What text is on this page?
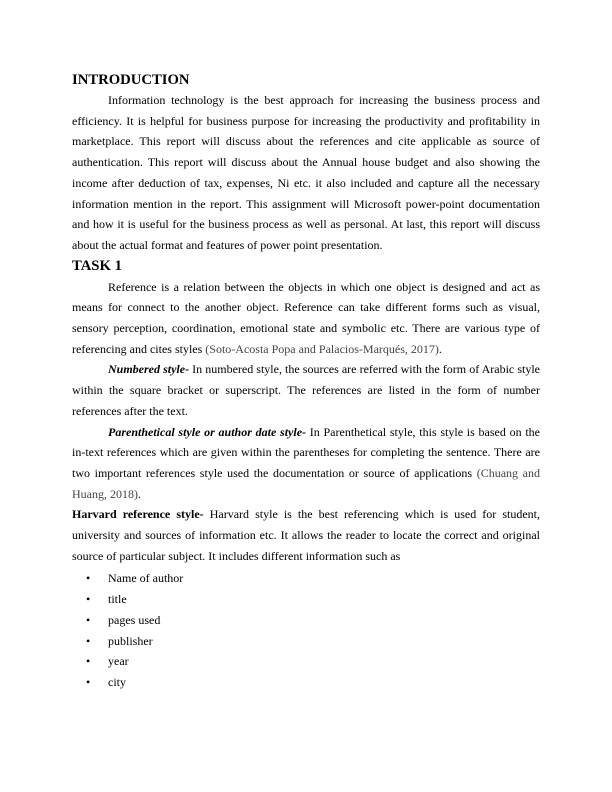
INTRODUCTION

Information technology is the best approach for increasing the business process and efficiency. It is helpful for business purpose for increasing the productivity and profitability in marketplace. This report will discuss about the references and cite applicable as source of authentication. This report will discuss about the Annual house budget and also showing the income after deduction of tax, expenses, Ni etc. it also included and capture all the necessary information mention in the report. This assignment will Microsoft power-point documentation and how it is useful for the business process as well as personal. At last, this report will discuss about the actual format and features of power point presentation.

TASK 1

Reference is a relation between the objects in which one object is designed and act as means for connect to the another object. Reference can take different forms such as visual, sensory perception, coordination, emotional state and symbolic etc. There are various type of referencing and cites styles (Soto-Acosta Popa and Palacios-Marqués, 2017).

Numbered style- In numbered style, the sources are referred with the form of Arabic style within the square bracket or superscript. The references are listed in the form of number references after the text.

Parenthetical style or author date style- In Parenthetical style, this style is based on the in-text references which are given within the parentheses for completing the sentence. There are two important references style used the documentation or source of applications (Chuang and Huang, 2018).

Harvard reference style- Harvard style is the best referencing which is used for student, university and sources of information etc. It allows the reader to locate the correct and original source of particular subject. It includes different information such as

• Name of author
• title
• pages used
• publisher
• year
• city
